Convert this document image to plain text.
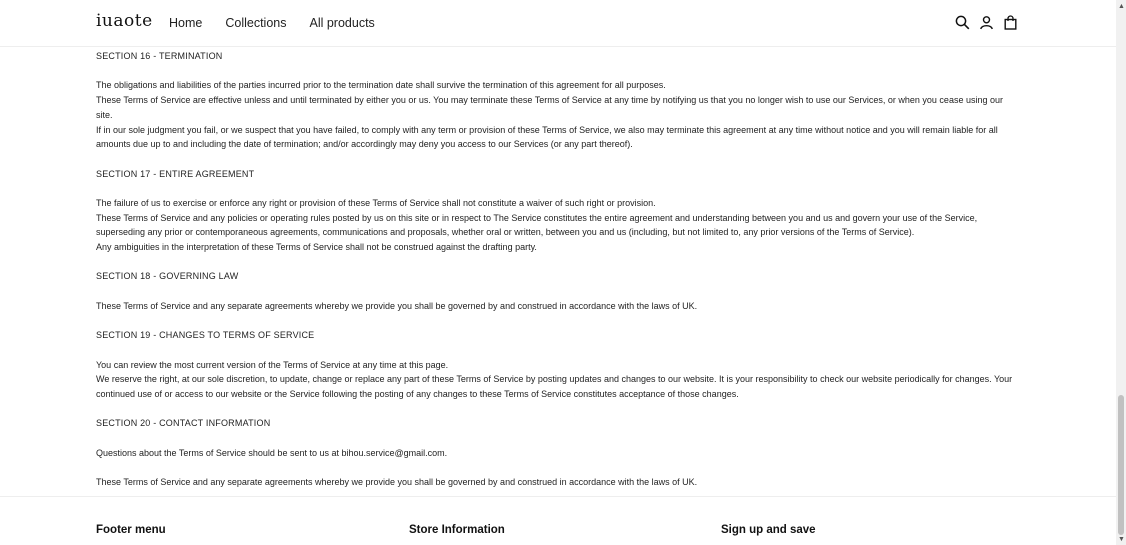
iuaote Home Collections All products

SECTION 16 - TERMINATION

The obligations and liabilities of the parties incurred prior to the termination date shall survive the termination of this agreement for all purposes.

These Terms of Service are effective unless and until terminated by either you or us. You may terminate these Terms of Service at any time by notifying us that you no longer wish to use our Services, or when you cease using our site.

If in our sole judgment you fail, or we suspect that you have failed, to comply with any term or provision of these Terms of Service, we also may terminate this agreement at any time without notice and you will remain liable for all amounts due up to and including the date of termination; and/or accordingly may deny you access to our Services (or any part thereof).

SECTION 17 - ENTIRE AGREEMENT

The failure of us to exercise or enforce any right or provision of these Terms of Service shall not constitute a waiver of such right or provision.

These Terms of Service and any policies or operating rules posted by us on this site or in respect to The Service constitutes the entire agreement and understanding between you and us and govern your use of the Service, superseding any prior or contemporaneous agreements, communications and proposals, whether oral or written, between you and us (including, but not limited to, any prior versions of the Terms of Service).

Any ambiguities in the interpretation of these Terms of Service shall not be construed against the drafting party.

SECTION 18 - GOVERNING LAW

These Terms of Service and any separate agreements whereby we provide you shall be governed by and construed in accordance with the laws of UK.

SECTION 19 - CHANGES TO TERMS OF SERVICE

You can review the most current version of the Terms of Service at any time at this page.

We reserve the right, at our sole discretion, to update, change or replace any part of these Terms of Service by posting updates and changes to our website. It is your responsibility to check our website periodically for changes. Your continued use of or access to our website or the Service following the posting of any changes to these Terms of Service constitutes acceptance of those changes.

SECTION 20 - CONTACT INFORMATION

Questions about the Terms of Service should be sent to us at bihou.service@gmail.com.

These Terms of Service and any separate agreements whereby we provide you shall be governed by and construed in accordance with the laws of UK.

Footer menu	Store Information	Sign up and save
▲
▼
